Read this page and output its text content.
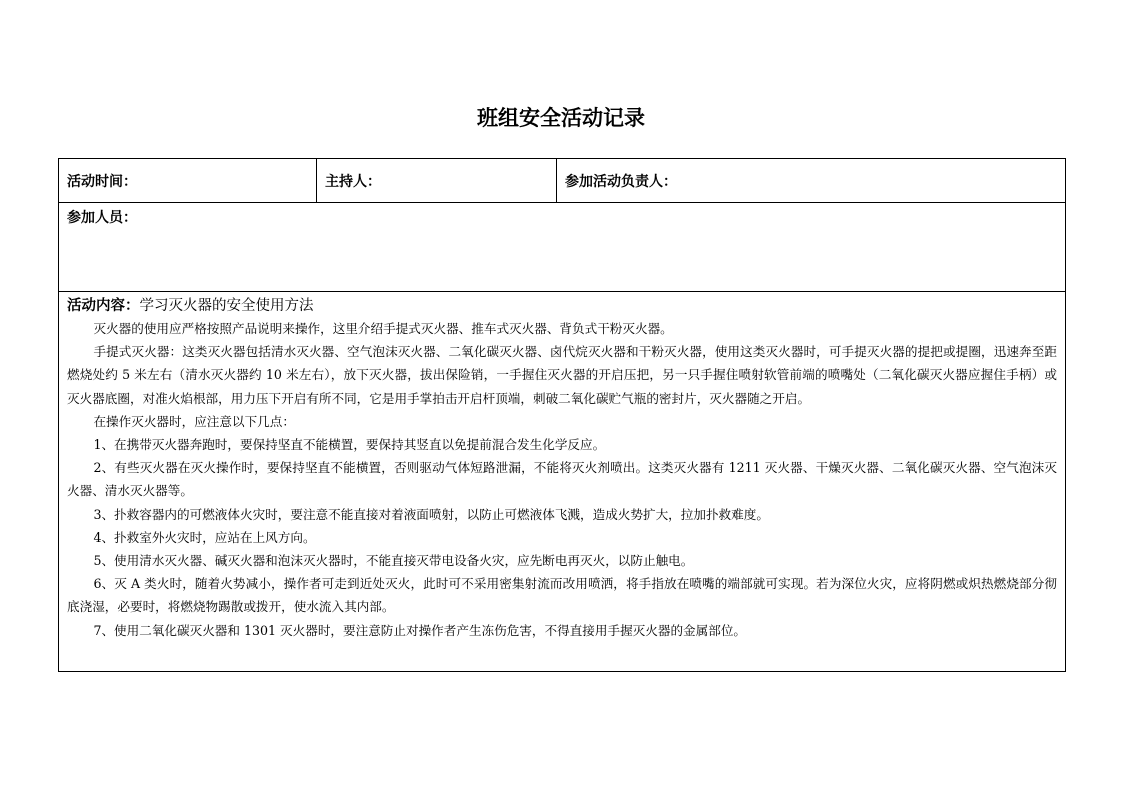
班组安全活动记录
活动时间：	主持人：	参加活动负责人：
参加人员：

活动内容：学习灭火器的安全使用方法

灭火器的使用应严格按照产品说明来操作，这里介绍手提式灭火器、推车式灭火器、背负式干粉灭火器。

手提式灭火器：这类灭火器包括清水灭火器、空气泡沫灭火器、二氧化碳灭火器、卤代烷灭火器和干粉灭火器，使用这类灭火器时，可手提灭火器的提把或提圈，迅速奔至距燃烧处约 5 米左右（清水灭火器约 10 米左右），放下灭火器，拔出保险销，一手握住灭火器的开启压把，另一只手握住喷射软管前端的喷嘴处（二氧化碳灭火器应握住手柄）或灭火器底圈，对准火焰根部，用力压下开启有所不同，它是用手掌拍击开启杆顶端，刺破二氧化碳贮气瓶的密封片，灭火器随之开启。

在操作灭火器时，应注意以下几点：

1、在携带灭火器奔跑时，要保持坚直不能横置，要保持其竖直以免提前混合发生化学反应。

2、有些灭火器在灭火操作时，要保持坚直不能横置，否则驱动气体短路泄漏，不能将灭火剂喷出。这类灭火器有 1211 灭火器、干燥灭火器、二氧化碳灭火器、空气泡沫灭火器、清水灭火器等。

3、扑救容器内的可燃液体火灾时，要注意不能直接对着液面喷射，以防止可燃液体飞溅，造成火势扩大，拉加扑救难度。

4、扑救室外火灾时，应站在上风方向。

5、使用清水灭火器、碱灭火器和泡沫灭火器时，不能直接灭带电设备火灾，应先断电再灭火，以防止触电。

6、灭 A 类火时，随着火势减小，操作者可走到近处灭火，此时可不采用密集射流而改用喷洒，将手指放在喷嘴的端部就可实现。若为深位火灾，应将阴燃或炽热燃烧部分彻底浇湿，必要时，将燃烧物踢散或拨开，使水流入其内部。

7、使用二氧化碳灭火器和 1301 灭火器时，要注意防止对操作者产生冻伤危害，不得直接用手握灭火器的金属部位。
